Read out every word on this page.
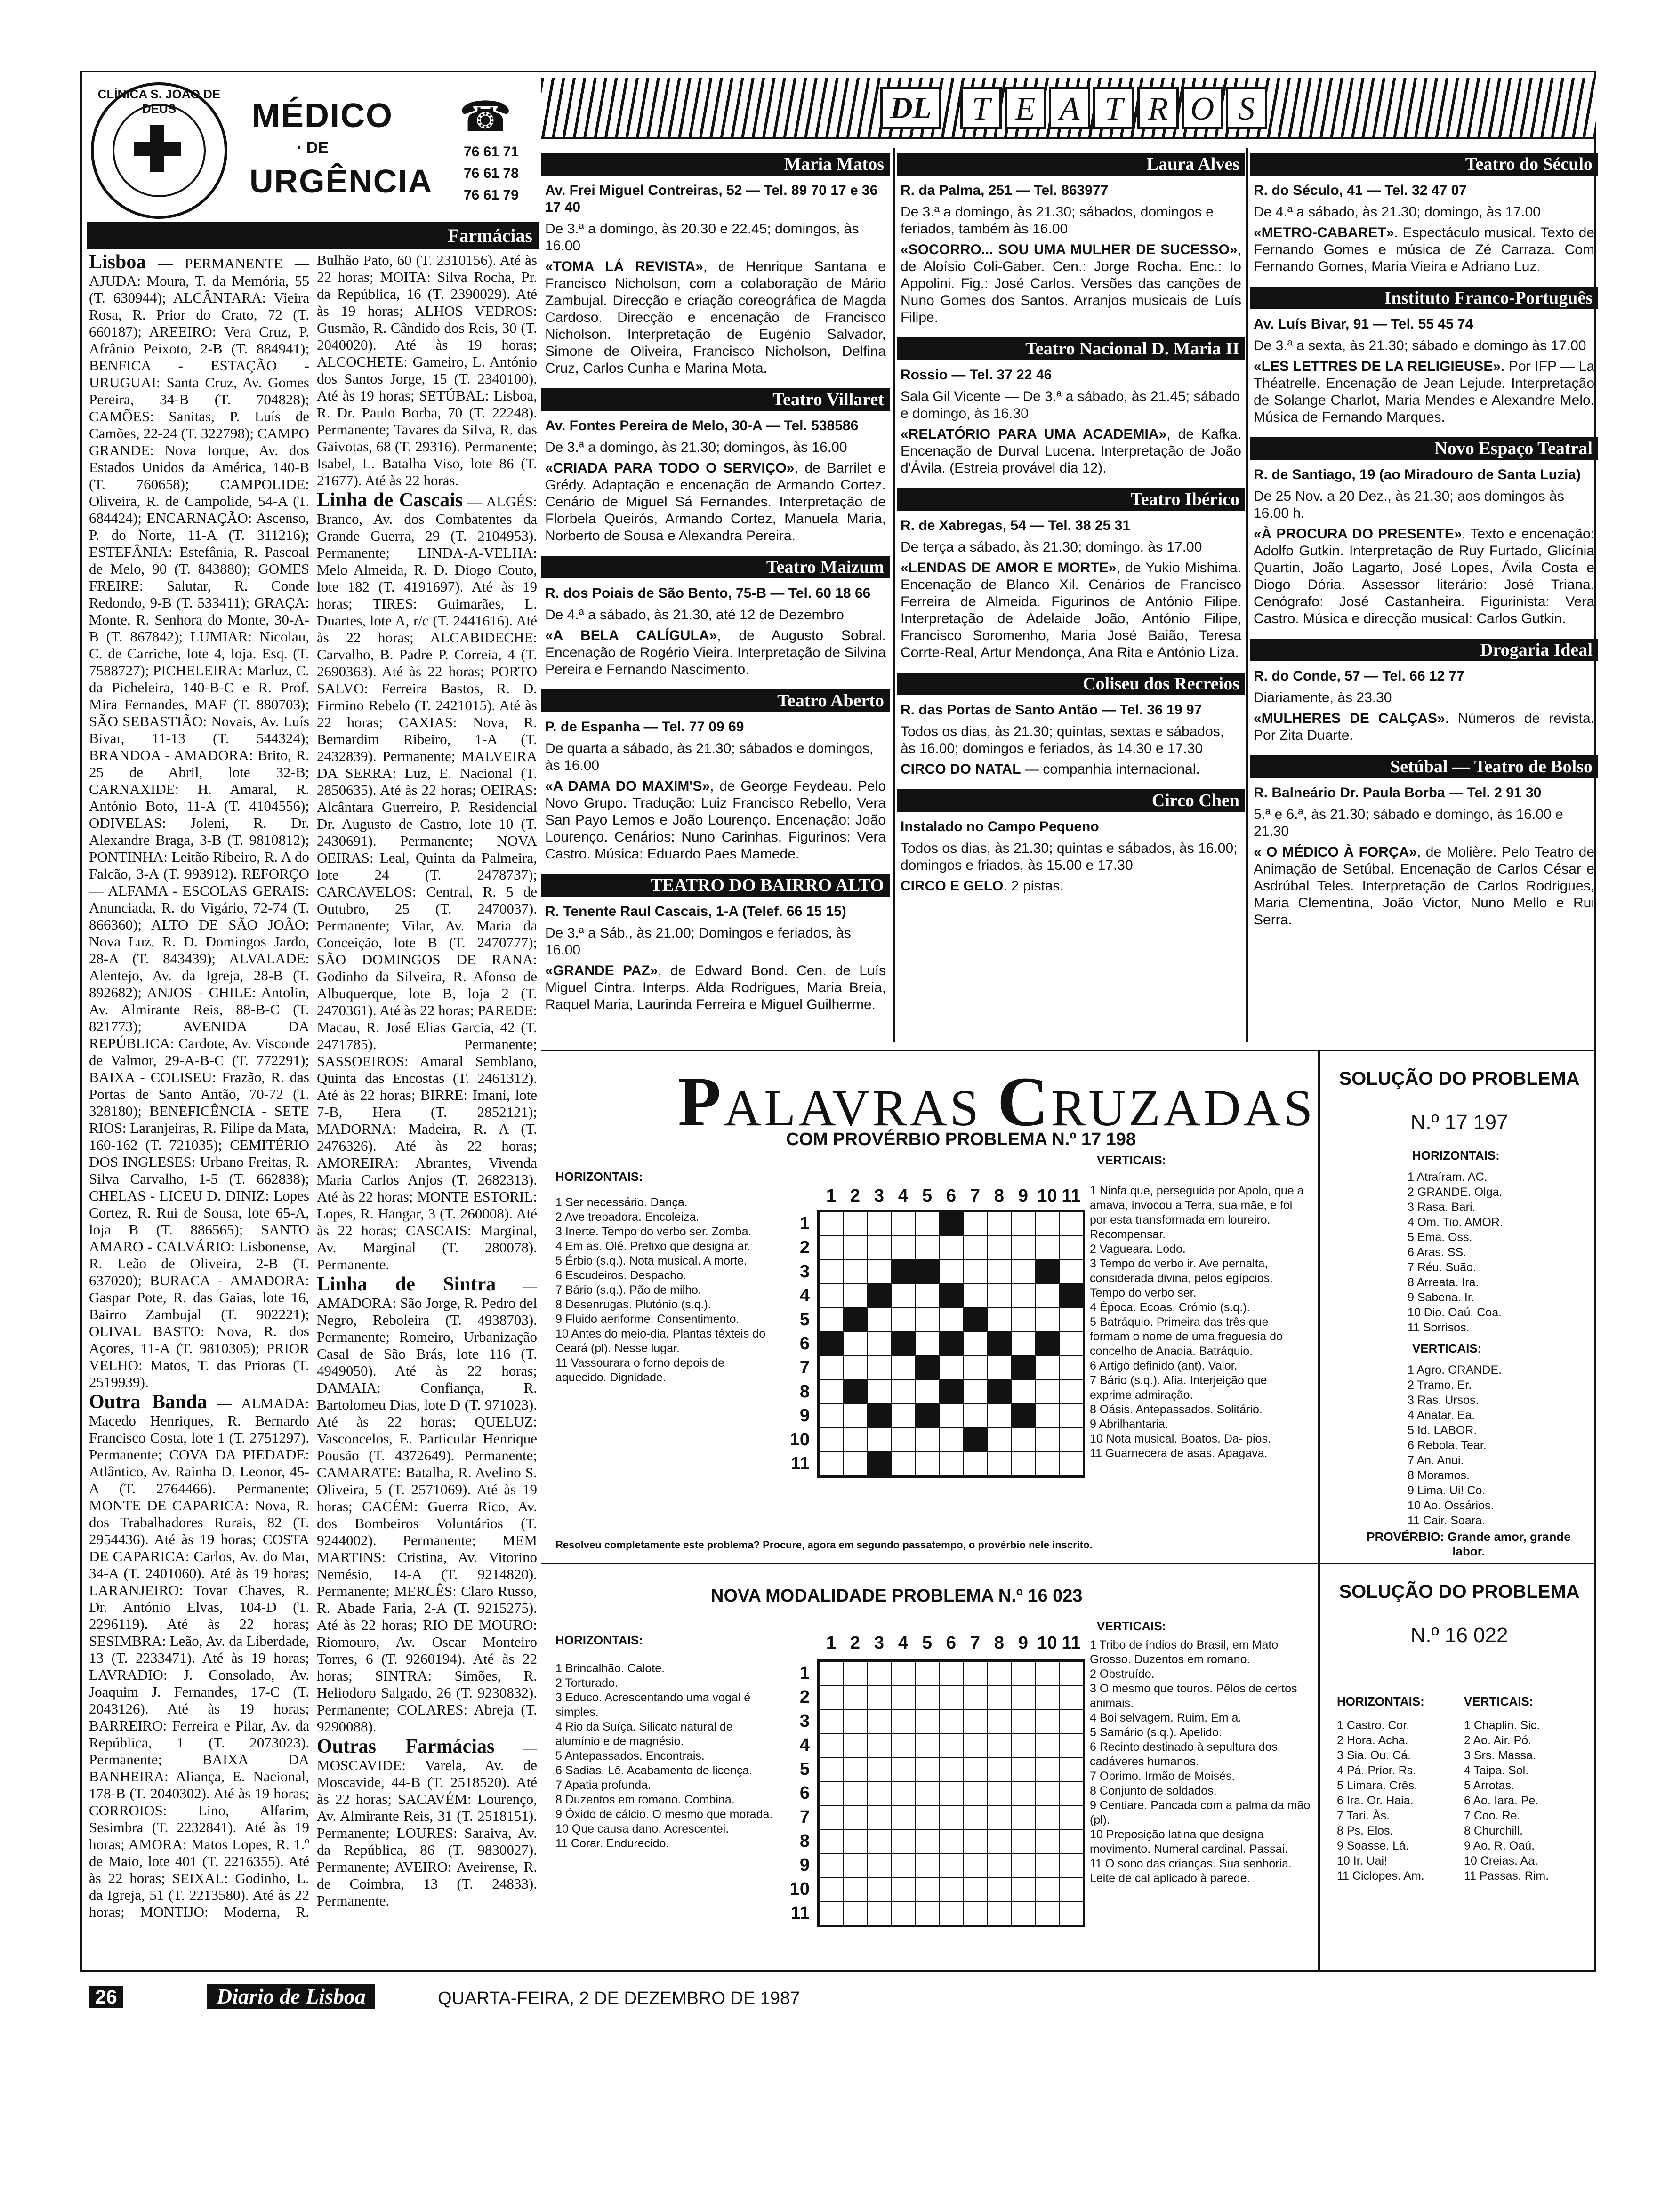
CLÍNICA S. JOÃO DE DEUS	MÉDICO
· DE
URGÊNCIA
☎
76 61 71
76 61 78
76 61 79
Farmácias

Lisboa — PERMANENTE — AJUDA: Moura, T. da Memória, 55 (T. 630944); ALCÂNTARA: Vieira Rosa, R. Prior do Crato, 72 (T. 660187); AREEIRO: Vera Cruz, P. Afrânio Peixoto, 2-B (T. 884941); BENFICA - ESTAÇÃO - URUGUAI: Santa Cruz, Av. Gomes Pereira, 34-B (T. 704828); CAMÕES: Sanitas, P. Luís de Camões, 22-24 (T. 322798); CAMPO GRANDE: Nova Iorque, Av. dos Estados Unidos da América, 140-B (T. 760658); CAMPOLIDE: Oliveira, R. de Campolide, 54-A (T. 684424); ENCARNAÇÃO: Ascenso, P. do Norte, 11-A (T. 311216); ESTEFÂNIA: Estefânia, R. Pascoal de Melo, 90 (T. 843880); GOMES FREIRE: Salutar, R. Conde Redondo, 9-B (T. 533411); GRAÇA: Monte, R. Senhora do Monte, 30-A-B (T. 867842); LUMIAR: Nicolau, C. de Carriche, lote 4, loja. Esq. (T. 7588727); PICHELEIRA: Marluz, C. da Picheleira, 140-B-C e R. Prof. Mira Fernandes, MAF (T. 880703); SÃO SEBASTIÃO: Novais, Av. Luís Bivar, 11-13 (T. 544324); BRANDOA - AMADORA: Brito, R. 25 de Abril, lote 32-B; CARNAXIDE: H. Amaral, R. António Boto, 11-A (T. 4104556); ODIVELAS: Joleni, R. Dr. Alexandre Braga, 3-B (T. 9810812); PONTINHA: Leitão Ribeiro, R. A do Falcão, 3-A (T. 993912). REFORÇO — ALFAMA - ESCOLAS GERAIS: Anunciada, R. do Vigário, 72-74 (T. 866360); ALTO DE SÃO JOÃO: Nova Luz, R. D. Domingos Jardo, 28-A (T. 843439); ALVALADE: Alentejo, Av. da Igreja, 28-B (T. 892682); ANJOS - CHILE: Antolin, Av. Almirante Reis, 88-B-C (T. 821773); AVENIDA DA REPÚBLICA: Cardote, Av. Visconde de Valmor, 29-A-B-C (T. 772291); BAIXA - COLISEU: Frazão, R. das Portas de Santo Antão, 70-72 (T. 328180); BENEFICÊNCIA - SETE RIOS: Laranjeiras, R. Filipe da Mata, 160-162 (T. 721035); CEMITÉRIO DOS INGLESES: Urbano Freitas, R. Silva Carvalho, 1-5 (T. 662838); CHELAS - LICEU D. DINIZ: Lopes Cortez, R. Rui de Sousa, lote 65-A, loja B (T. 886565); SANTO AMARO - CALVÁRIO: Lisbonense, R. Leão de Oliveira, 2-B (T. 637020); BURACA - AMADORA: Gaspar Pote, R. das Gaias, lote 16, Bairro Zambujal (T. 902221); OLIVAL BASTO: Nova, R. dos Açores, 11-A (T. 9810305); PRIOR VELHO: Matos, T. das Prioras (T. 2519939).

Outra Banda — ALMADA: Macedo Henriques, R. Bernardo Francisco Costa, lote 1 (T. 2751297). Permanente; COVA DA PIEDADE: Atlântico, Av. Rainha D. Leonor, 45-A (T. 2764466). Permanente; MONTE DE CAPARICA: Nova, R. dos Trabalhadores Rurais, 82 (T. 2954436). Até às 19 horas; COSTA DE CAPARICA: Carlos, Av. do Mar, 34-A (T. 2401060). Até às 19 horas; LARANJEIRO: Tovar Chaves, R. Dr. António Elvas, 104-D (T. 2296119). Até às 22 horas; SESIMBRA: Leão, Av. da Liberdade, 13 (T. 2233471). Até às 19 horas; LAVRADIO: J. Consolado, Av. Joaquim J. Fernandes, 17-C (T. 2043126). Até às 19 horas; BARREIRO: Ferreira e Pilar, Av. da República, 1 (T. 2073023). Permanente; BAIXA DA BANHEIRA: Aliança, E. Nacional, 178-B (T. 2040302). Até às 19 horas; CORROIOS: Lino, Alfarim, Sesimbra (T. 2232841). Até às 19 horas; AMORA: Matos Lopes, R. 1.º de Maio, lote 401 (T. 2216355). Até às 22 horas; SEIXAL: Godinho, L. da Igreja, 51 (T. 2213580). Até às 22 horas; MONTIJO: Moderna, R. Bulhão Pato, 60 (T. 2310156). Até às 22 horas; MOITA: Silva Rocha, Pr. da República, 16 (T. 2390029). Até às 19 horas; ALHOS VEDROS: Gusmão, R. Cândido dos Reis, 30 (T. 2040020). Até às 19 horas; ALCOCHETE: Gameiro, L. António dos Santos Jorge, 15 (T. 2340100). Até às 19 horas; SETÚBAL: Lisboa, R. Dr. Paulo Borba, 70 (T. 22248). Permanente; Tavares da Silva, R. das Gaivotas, 68 (T. 29316). Permanente; Isabel, L. Batalha Viso, lote 86 (T. 21677). Até às 22 horas.

Linha de Cascais — ALGÉS: Branco, Av. dos Combatentes da Grande Guerra, 29 (T. 2104953). Permanente; LINDA-A-VELHA: Melo Almeida, R. D. Diogo Couto, lote 182 (T. 4191697). Até às 19 horas; TIRES: Guimarães, L. Duartes, lote A, r/c (T. 2441616). Até às 22 horas; ALCABIDECHE: Carvalho, B. Padre P. Correia, 4 (T. 2690363). Até às 22 horas; PORTO SALVO: Ferreira Bastos, R. D. Firmino Rebelo (T. 2421015). Até às 22 horas; CAXIAS: Nova, R. Bernardim Ribeiro, 1-A (T. 2432839). Permanente; MALVEIRA DA SERRA: Luz, E. Nacional (T. 2850635). Até às 22 horas; OEIRAS: Alcântara Guerreiro, P. Residencial Dr. Augusto de Castro, lote 10 (T. 2430691). Permanente; NOVA OEIRAS: Leal, Quinta da Palmeira, lote 24 (T. 2478737); CARCAVELOS: Central, R. 5 de Outubro, 25 (T. 2470037). Permanente; Vilar, Av. Maria da Conceição, lote B (T. 2470777); SÃO DOMINGOS DE RANA: Godinho da Silveira, R. Afonso de Albuquerque, lote B, loja 2 (T. 2470361). Até às 22 horas; PAREDE: Macau, R. José Elias Garcia, 42 (T. 2471785). Permanente; SASSOEIROS: Amaral Semblano, Quinta das Encostas (T. 2461312). Até às 22 horas; BIRRE: Imani, lote 7-B, Hera (T. 2852121); MADORNA: Madeira, R. A (T. 2476326). Até às 22 horas; AMOREIRA: Abrantes, Vivenda Maria Carlos Anjos (T. 2682313). Até às 22 horas; MONTE ESTORIL: Lopes, R. Hangar, 3 (T. 260008). Até às 22 horas; CASCAIS: Marginal, Av. Marginal (T. 280078). Permanente.

Linha de Sintra — AMADORA: São Jorge, R. Pedro del Negro, Reboleira (T. 4938703). Permanente; Romeiro, Urbanização Casal de São Brás, lote 116 (T. 4949050). Até às 22 horas; DAMAIA: Confiança, R. Bartolomeu Dias, lote D (T. 971023). Até às 22 horas; QUELUZ: Vasconcelos, E. Particular Henrique Pousão (T. 4372649). Permanente; CAMARATE: Batalha, R. Avelino S. Oliveira, 5 (T. 2571069). Até às 19 horas; CACÉM: Guerra Rico, Av. dos Bombeiros Voluntários (T. 9244002). Permanente; MEM MARTINS: Cristina, Av. Vitorino Nemésio, 14-A (T. 9214820). Permanente; MERCÊS: Claro Russo, R. Abade Faria, 2-A (T. 9215275). Até às 22 horas; RIO DE MOURO: Riomouro, Av. Oscar Monteiro Torres, 6 (T. 9260194). Até às 22 horas; SINTRA: Simões, R. Heliodoro Salgado, 26 (T. 9230832). Permanente; COLARES: Abreja (T. 9290088).

Outras Farmácias — MOSCAVIDE: Varela, Av. de Moscavide, 44-B (T. 2518520). Até às 22 horas; SACAVÉM: Lourenço, Av. Almirante Reis, 31 (T. 2518151). Permanente; LOURES: Saraiva, Av. da República, 86 (T. 9830027). Permanente; AVEIRO: Aveirense, R. de Coimbra, 13 (T. 24833). Permanente.

DL	T E A T R O S
Maria Matos
Av. Frei Miguel Contreiras, 52 — Tel. 89 70 17 e 36 17 40
De 3.ª a domingo, às 20.30 e 22.45; domingos, às 16.00
«TOMA LÁ REVISTA», de Henrique Santana e Francisco Nicholson, com a colaboração de Mário Zambujal. Direcção e criação coreográfica de Magda Cardoso. Direcção e encenação de Francisco Nicholson. Interpretação de Eugénio Salvador, Simone de Oliveira, Francisco Nicholson, Delfina Cruz, Carlos Cunha e Marina Mota.
Teatro Villaret
Av. Fontes Pereira de Melo, 30-A — Tel. 538586
De 3.ª a domingo, às 21.30; domingos, às 16.00
«CRIADA PARA TODO O SERVIÇO», de Barrilet e Grédy. Adaptação e encenação de Armando Cortez. Cenário de Miguel Sá Fernandes. Interpretação de Florbela Queirós, Armando Cortez, Manuela Maria, Norberto de Sousa e Alexandra Pereira.
Teatro Maizum
R. dos Poiais de São Bento, 75-B — Tel. 60 18 66
De 4.ª a sábado, às 21.30, até 12 de Dezembro
«A BELA CALÍGULA», de Augusto Sobral. Encenação de Rogério Vieira. Interpretação de Silvina Pereira e Fernando Nascimento.
Teatro Aberto
P. de Espanha — Tel. 77 09 69
De quarta a sábado, às 21.30; sábados e domingos, às 16.00
«A DAMA DO MAXIM'S», de George Feydeau. Pelo Novo Grupo. Tradução: Luiz Francisco Rebello, Vera San Payo Lemos e João Lourenço. Encenação: João Lourenço. Cenários: Nuno Carinhas. Figurinos: Vera Castro. Música: Eduardo Paes Mamede.
TEATRO DO BAIRRO ALTO
R. Tenente Raul Cascais, 1-A (Telef. 66 15 15)
De 3.ª a Sáb., às 21.00; Domingos e feriados, às 16.00
«GRANDE PAZ», de Edward Bond. Cen. de Luís Miguel Cintra. Interps. Alda Rodrigues, Maria Breia, Raquel Maria, Laurinda Ferreira e Miguel Guilherme.
Laura Alves
R. da Palma, 251 — Tel. 863977
De 3.ª a domingo, às 21.30; sábados, domingos e feriados, também às 16.00
«SOCORRO... SOU UMA MULHER DE SUCESSO», de Aloísio Coli-Gaber. Cen.: Jorge Rocha. Enc.: Io Appolini. Fig.: José Carlos. Versões das canções de Nuno Gomes dos Santos. Arranjos musicais de Luís Filipe.
Teatro Nacional D. Maria II
Rossio — Tel. 37 22 46
Sala Gil Vicente — De 3.ª a sábado, às 21.45; sábado e domingo, às 16.30
«RELATÓRIO PARA UMA ACADEMIA», de Kafka. Encenação de Durval Lucena. Interpretação de João d'Ávila. (Estreia provável dia 12).
Teatro Ibérico
R. de Xabregas, 54 — Tel. 38 25 31
De terça a sábado, às 21.30; domingo, às 17.00
«LENDAS DE AMOR E MORTE», de Yukio Mishima. Encenação de Blanco Xil. Cenários de Francisco Ferreira de Almeida. Figurinos de António Filipe. Interpretação de Adelaide João, António Filipe, Francisco Soromenho, Maria José Baião, Teresa Corrte-Real, Artur Mendonça, Ana Rita e António Liza.
Coliseu dos Recreios
R. das Portas de Santo Antão — Tel. 36 19 97
Todos os dias, às 21.30; quintas, sextas e sábados, às 16.00; domingos e feriados, às 14.30 e 17.30
CIRCO DO NATAL — companhia internacional.
Circo Chen
Instalado no Campo Pequeno
Todos os dias, às 21.30; quintas e sábados, às 16.00; domingos e friados, às 15.00 e 17.30
CIRCO E GELO. 2 pistas.
Teatro do Século
R. do Século, 41 — Tel. 32 47 07
De 4.ª a sábado, às 21.30; domingo, às 17.00
«METRO-CABARET». Espectáculo musical. Texto de Fernando Gomes e música de Zé Carraza. Com Fernando Gomes, Maria Vieira e Adriano Luz.
Instituto Franco-Português
Av. Luís Bivar, 91 — Tel. 55 45 74
De 3.ª a sexta, às 21.30; sábado e domingo às 17.00
«LES LETTRES DE LA RELIGIEUSE». Por IFP — La Théatrelle. Encenação de Jean Lejude. Interpretação de Solange Charlot, Maria Mendes e Alexandre Melo. Música de Fernando Marques.
Novo Espaço Teatral
R. de Santiago, 19 (ao Miradouro de Santa Luzia)
De 25 Nov. a 20 Dez., às 21.30; aos domingos às 16.00 h.
«À PROCURA DO PRESENTE». Texto e encenação: Adolfo Gutkin. Interpretação de Ruy Furtado, Glicínia Quartin, João Lagarto, José Lopes, Ávila Costa e Diogo Dória. Assessor literário: José Triana. Cenógrafo: José Castanheira. Figurinista: Vera Castro. Música e direcção musical: Carlos Gutkin.
Drogaria Ideal
R. do Conde, 57 — Tel. 66 12 77
Diariamente, às 23.30
«MULHERES DE CALÇAS». Números de revista. Por Zita Duarte.
Setúbal — Teatro de Bolso
R. Balneário Dr. Paula Borba — Tel. 2 91 30
5.ª e 6.ª, às 21.30; sábado e domingo, às 16.00 e 21.30
« O MÉDICO À FORÇA», de Molière. Pelo Teatro de Animação de Setúbal. Encenação de Carlos César e Asdrúbal Teles. Interpretação de Carlos Rodrigues, Maria Clementina, João Victor, Nuno Mello e Rui Serra.
PALAVRAS CRUZADAS
COM PROVÉRBIO PROBLEMA N.º 17 198
HORIZONTAIS:
1 Ser necessário. Dança.
2 Ave trepadora. Encoleiza.
3 Inerte. Tempo do verbo ser. Zomba.
4 Em as. Olé. Prefixo que designa ar.
5 Érbio (s.q.). Nota musical. A morte.
6 Escudeiros. Despacho.
7 Bário (s.q.). Pão de milho.
8 Desenrugas. Plutónio (s.q.).
9 Fluido aeriforme. Consentimento.
10 Antes do meio-dia. Plantas têxteis do Ceará (pl). Nesse lugar.
11 Vassourara o forno depois de aquecido. Dignidade.
1 2 3 4 5 6 7 8 9 10 11
1
2
3
4
5
6
7
8
9
10
11
VERTICAIS:
1 Ninfa que, perseguida por Apolo, que a amava, invocou a Terra, sua mãe, e foi por esta transformada em loureiro. Recompensar.
2 Vagueara. Lodo.
3 Tempo do verbo ir. Ave pernalta, considerada divina, pelos egípcios. Tempo do verbo ser.
4 Época. Ecoas. Crómio (s.q.).
5 Batráquio. Primeira das três que formam o nome de uma freguesia do concelho de Anadia. Batráquio.
6 Artigo definido (ant). Valor.
7 Bário (s.q.). Afia. Interjeição que exprime admiração.
8 Oásis. Antepassados. Solitário.
9 Abrilhantaria.
10 Nota musical. Boatos. Da- pios.
11 Guarnecera de asas. Apagava.
Resolveu completamente este problema? Procure, agora em segundo passatempo, o provérbio nele inscrito.
SOLUÇÃO DO PROBLEMA
N.º 17 197
HORIZONTAIS:
1 Atraíram. AC.
2 GRANDE. Olga.
3 Rasa. Bari.
4 Om. Tio. AMOR.
5 Ema. Oss.
6 Aras. SS.
7 Réu. Suão.
8 Arreata. Ira.
9 Sabena. Ir.
10 Dio. Oaú. Coa.
11 Sorrisos.
VERTICAIS:
1 Agro. GRANDE.
2 Tramo. Er.
3 Ras. Ursos.
4 Anatar. Ea.
5 Id. LABOR.
6 Rebola. Tear.
7 An. Anui.
8 Moramos.
9 Lima. Ui! Co.
10 Ao. Ossários.
11 Cair. Soara.
PROVÉRBIO: Grande amor, grande labor.
NOVA MODALIDADE PROBLEMA N.º 16 023
HORIZONTAIS:
1 Brincalhão. Calote.
2 Torturado.
3 Educo. Acrescentando uma vogal é simples.
4 Rio da Suíça. Silicato natural de alumínio e de magnésio.
5 Antepassados. Encontrais.
6 Sadias. Lê. Acabamento de licença.
7 Apatia profunda.
8 Duzentos em romano. Combina.
9 Óxido de cálcio. O mesmo que morada.
10 Que causa dano. Acrescentei.
11 Corar. Endurecido.
1 2 3 4 5 6 7 8 9 10 11
1
2
3
4
5
6
7
8
9
10
11
VERTICAIS:
1 Tribo de índios do Brasil, em Mato Grosso. Duzentos em romano.
2 Obstruído.
3 O mesmo que touros. Pêlos de certos animais.
4 Boi selvagem. Ruim. Em a.
5 Samário (s.q.). Apelido.
6 Recinto destinado à sepultura dos cadáveres humanos.
7 Oprimo. Irmão de Moisés.
8 Conjunto de soldados.
9 Centiare. Pancada com a palma da mão (pl).
10 Preposição latina que designa movimento. Numeral cardinal. Passai.
11 O sono das crianças. Sua senhoria. Leite de cal aplicado à parede.
SOLUÇÃO DO PROBLEMA
N.º 16 022
HORIZONTAIS:
1 Castro. Cor.
2 Hora. Acha.
3 Sia. Ou. Cá.
4 Pá. Prior. Rs.
5 Limara. Crês.
6 Ira. Or. Haia.
7 Tarí. Às.
8 Ps. Elos.
9 Soasse. Lá.
10 Ir. Uai!
11 Ciclopes. Am.
VERTICAIS:
1 Chaplin. Sic.
2 Ao. Air. Pó.
3 Srs. Massa.
4 Taipa. Sol.
5 Arrotas.
6 Ao. Iara. Pe.
7 Coo. Re.
8 Churchill.
9 Ao. R. Oaú.
10 Creias. Aa.
11 Passas. Rim.
26	Diario de Lisboa	QUARTA-FEIRA, 2 DE DEZEMBRO DE 1987
